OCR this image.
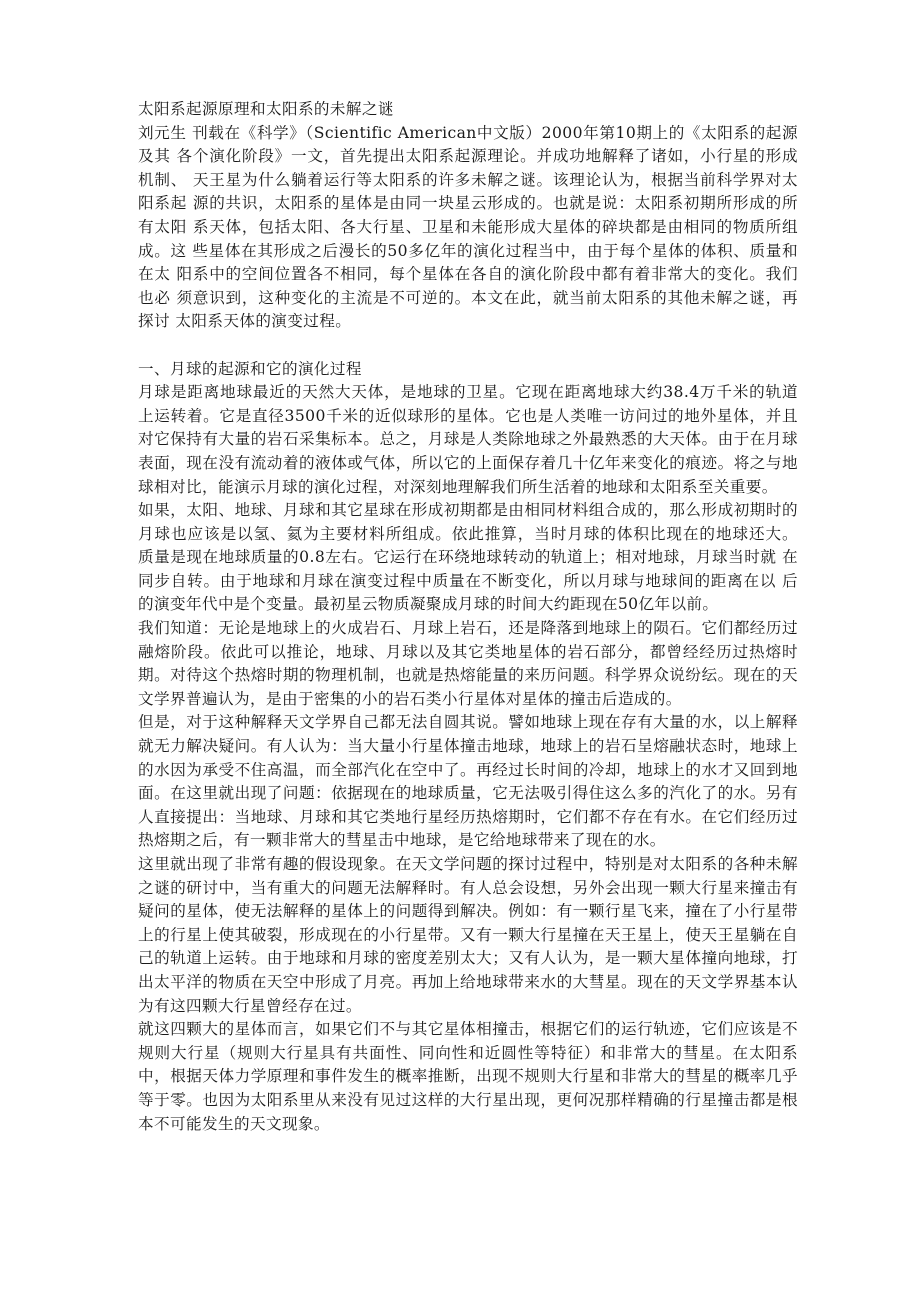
太阳系起源原理和太阳系的未解之谜

刘元生 刊载在《科学》（Scientific American中文版）2000年第10期上的《太阳系的起源及其 各个演化阶段》一文，首先提出太阳系起源理论。并成功地解释了诸如，小行星的形成机制、 天王星为什么躺着运行等太阳系的许多未解之谜。该理论认为，根据当前科学界对太阳系起 源的共识，太阳系的星体是由同一块星云形成的。也就是说：太阳系初期所形成的所有太阳 系天体，包括太阳、各大行星、卫星和未能形成大星体的碎块都是由相同的物质所组成。这 些星体在其形成之后漫长的50多亿年的演化过程当中，由于每个星体的体积、质量和在太 阳系中的空间位置各不相同，每个星体在各自的演化阶段中都有着非常大的变化。我们也必 须意识到，这种变化的主流是不可逆的。本文在此，就当前太阳系的其他未解之谜，再探讨 太阳系天体的演变过程。

一、月球的起源和它的演化过程

月球是距离地球最近的天然大天体，是地球的卫星。它现在距离地球大约38.4万千米的轨道上运转着。它是直径3500千米的近似球形的星体。它也是人类唯一访问过的地外星体，并且对它保持有大量的岩石采集标本。总之，月球是人类除地球之外最熟悉的大天体。由于在月球表面，现在没有流动着的液体或气体，所以它的上面保存着几十亿年来变化的痕迹。将之与地球相对比，能演示月球的演化过程，对深刻地理解我们所生活着的地球和太阳系至关重要。

如果，太阳、地球、月球和其它星球在形成初期都是由相同材料组合成的，那么形成初期时的月球也应该是以氢、氦为主要材料所组成。依此推算，当时月球的体积比现在的地球还大。 质量是现在地球质量的0.8左右。它运行在环绕地球转动的轨道上；相对地球，月球当时就 在同步自转。由于地球和月球在演变过程中质量在不断变化，所以月球与地球间的距离在以 后的演变年代中是个变量。最初星云物质凝聚成月球的时间大约距现在50亿年以前。

我们知道：无论是地球上的火成岩石、月球上岩石，还是降落到地球上的陨石。它们都经历过融熔阶段。依此可以推论，地球、月球以及其它类地星体的岩石部分，都曾经经历过热熔时期。对待这个热熔时期的物理机制，也就是热熔能量的来历问题。科学界众说纷纭。现在的天文学界普遍认为，是由于密集的小的岩石类小行星体对星体的撞击后造成的。

但是，对于这种解释天文学界自己都无法自圆其说。譬如地球上现在存有大量的水，以上解释就无力解决疑问。有人认为：当大量小行星体撞击地球，地球上的岩石呈熔融状态时，地球上的水因为承受不住高温，而全部汽化在空中了。再经过长时间的冷却，地球上的水才又回到地面。在这里就出现了问题：依据现在的地球质量，它无法吸引得住这么多的汽化了的水。另有人直接提出：当地球、月球和其它类地行星经历热熔期时，它们都不存在有水。在它们经历过热熔期之后，有一颗非常大的彗星击中地球，是它给地球带来了现在的水。

这里就出现了非常有趣的假设现象。在天文学问题的探讨过程中，特别是对太阳系的各种未解之谜的研讨中，当有重大的问题无法解释时。有人总会设想，另外会出现一颗大行星来撞击有疑问的星体，使无法解释的星体上的问题得到解决。例如：有一颗行星飞来，撞在了小行星带上的行星上使其破裂，形成现在的小行星带。又有一颗大行星撞在天王星上，使天王星躺在自己的轨道上运转。由于地球和月球的密度差别太大；又有人认为，是一颗大星体撞向地球，打出太平洋的物质在天空中形成了月亮。再加上给地球带来水的大彗星。现在的天文学界基本认为有这四颗大行星曾经存在过。

就这四颗大的星体而言，如果它们不与其它星体相撞击，根据它们的运行轨迹，它们应该是不规则大行星（规则大行星具有共面性、同向性和近圆性等特征）和非常大的彗星。在太阳系中，根据天体力学原理和事件发生的概率推断，出现不规则大行星和非常大的彗星的概率几乎等于零。也因为太阳系里从来没有见过这样的大行星出现，更何况那样精确的行星撞击都是根本不可能发生的天文现象。
